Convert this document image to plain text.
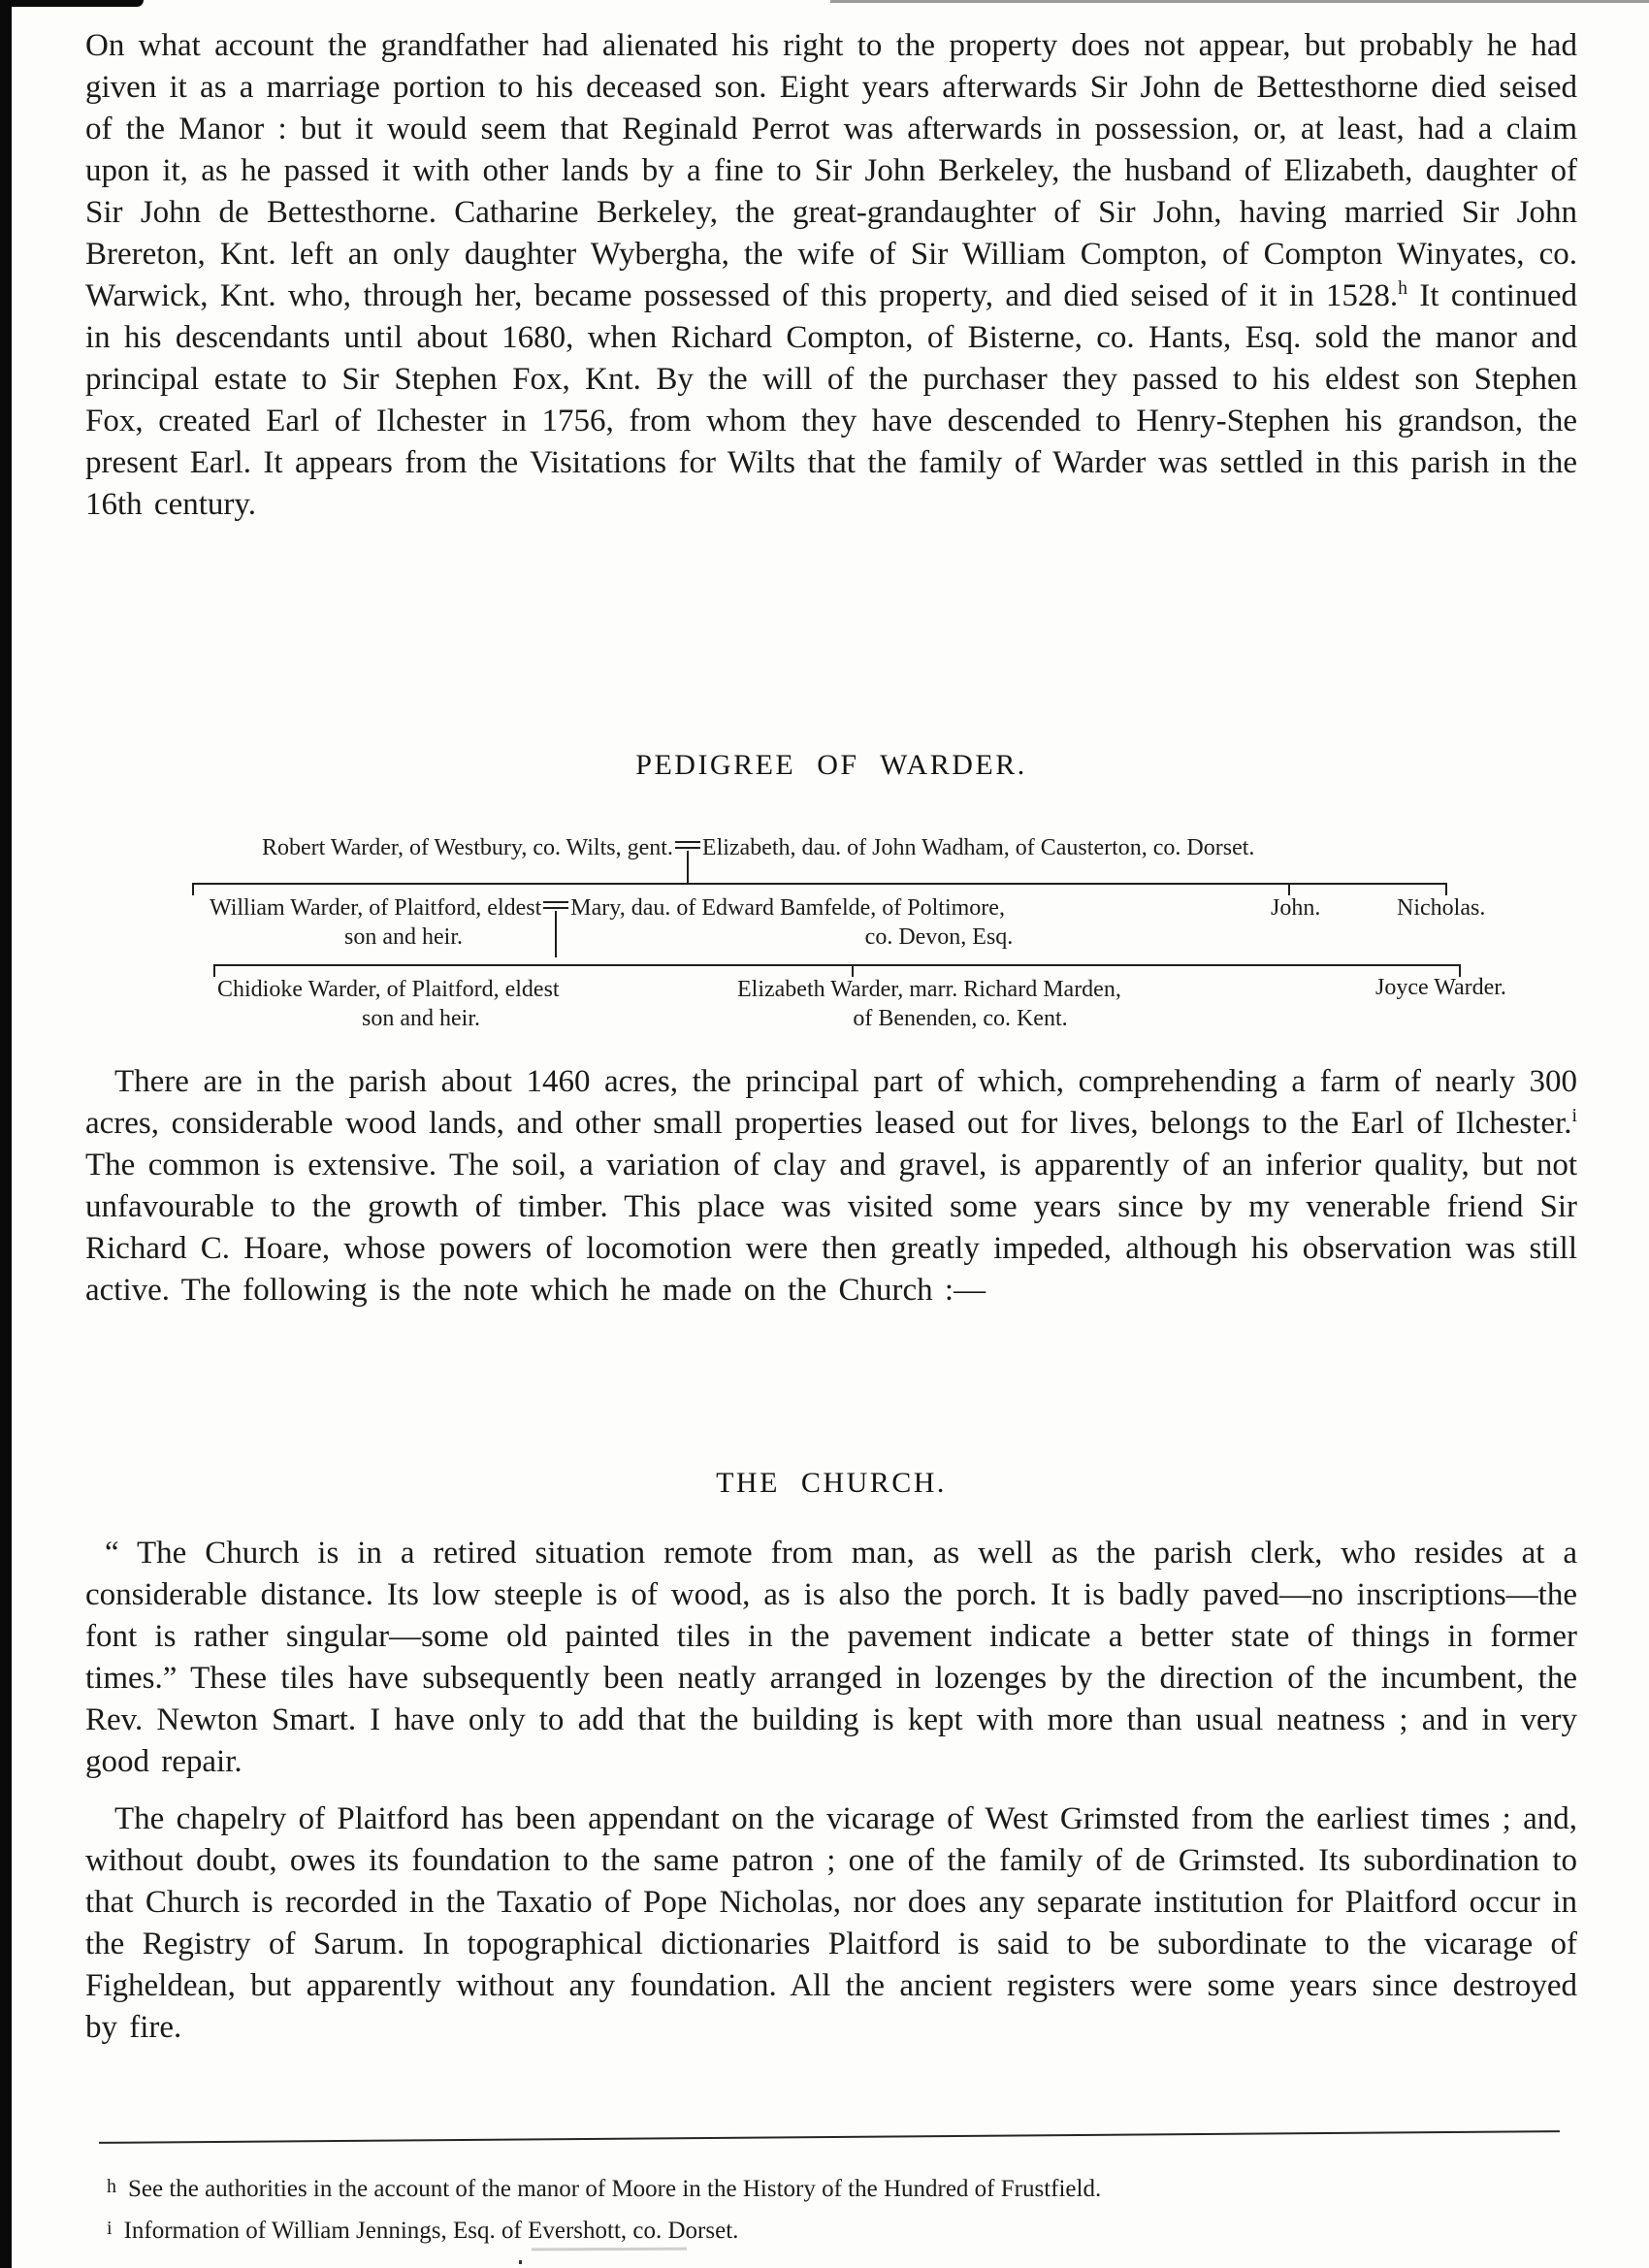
On what account the grandfather had alienated his right to the property does not appear, but probably he had given it as a marriage portion to his deceased son. Eight years afterwards Sir John de Bettesthorne died seised of the Manor : but it would seem that Reginald Perrot was afterwards in possession, or, at least, had a claim upon it, as he passed it with other lands by a fine to Sir John Berkeley, the husband of Elizabeth, daughter of Sir John de Bettesthorne. Catharine Berkeley, the great-grandaughter of Sir John, having married Sir John Brereton, Knt. left an only daughter Wybergha, the wife of Sir William Compton, of Compton Winyates, co. Warwick, Knt. who, through her, became possessed of this property, and died seised of it in 1528.$^h$ It continued in his descendants until about 1680, when Richard Compton, of Bisterne, co. Hants, Esq. sold the manor and principal estate to Sir Stephen Fox, Knt. By the will of the purchaser they passed to his eldest son Stephen Fox, created Earl of Ilchester in 1756, from whom they have descended to Henry-Stephen his grandson, the present Earl. It appears from the Visitations for Wilts that the family of Warder was settled in this parish in the 16th century.

PEDIGREE OF WARDER.
Robert Warder, of Westbury, co. Wilts, gent. Elizabeth, dau. of John Wadham, of Causterton, co. Dorset.
William Warder, of Plaitford, eldest Mary, dau. of Edward Bamfelde, of Poltimore,
son and heir.	co. Devon, Esq.
John.	Nicholas.
Chidioke Warder, of Plaitford, eldest
son and heir.
Elizabeth Warder, marr. Richard Marden,
of Benenden, co. Kent.
Joyce Warder.

There are in the parish about 1460 acres, the principal part of which, comprehending a farm of nearly 300 acres, considerable wood lands, and other small properties leased out for lives, belongs to the Earl of Ilchester.$^i$ The common is extensive. The soil, a variation of clay and gravel, is apparently of an inferior quality, but not unfavourable to the growth of timber. This place was visited some years since by my venerable friend Sir Richard C. Hoare, whose powers of locomotion were then greatly impeded, although his observation was still active. The following is the note which he made on the Church :—

THE CHURCH.

“ The Church is in a retired situation remote from man, as well as the parish clerk, who resides at a considerable distance. Its low steeple is of wood, as is also the porch. It is badly paved—no inscriptions—the font is rather singular—some old painted tiles in the pavement indicate a better state of things in former times.” These tiles have subsequently been neatly arranged in lozenges by the direction of the incumbent, the Rev. Newton Smart. I have only to add that the building is kept with more than usual neatness ; and in very good repair.

The chapelry of Plaitford has been appendant on the vicarage of West Grimsted from the earliest times ; and, without doubt, owes its foundation to the same patron ; one of the family of de Grimsted. Its subordination to that Church is recorded in the Taxatio of Pope Nicholas, nor does any separate institution for Plaitford occur in the Registry of Sarum. In topographical dictionaries Plaitford is said to be subordinate to the vicarage of Figheldean, but apparently without any foundation. All the ancient registers were some years since destroyed by fire.

h See the authorities in the account of the manor of Moore in the History of the Hundred of Frustfield.
i Information of William Jennings, Esq. of Evershott, co. Dorset.
